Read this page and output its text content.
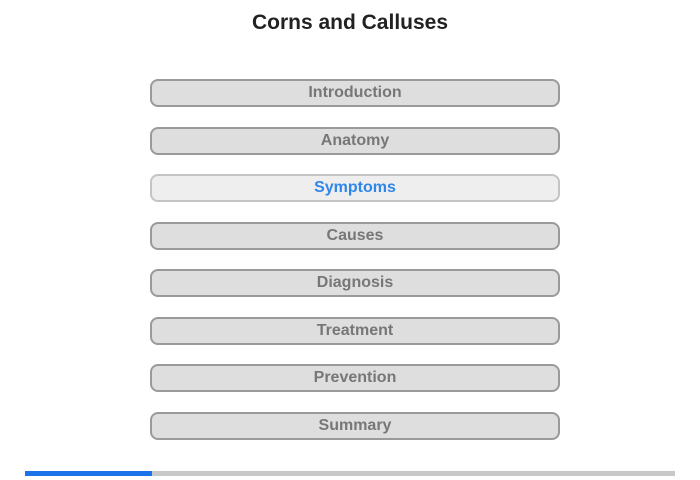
Corns and Calluses
Introduction
Anatomy
Symptoms
Causes
Diagnosis
Treatment
Prevention
Summary
